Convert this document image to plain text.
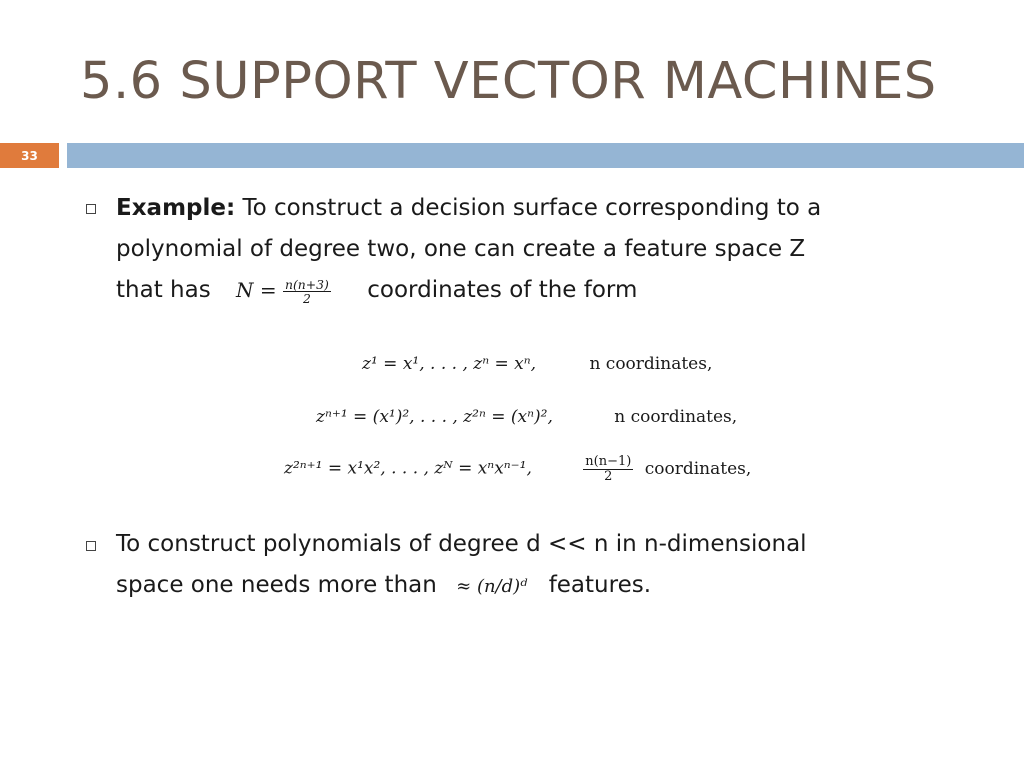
5.6 SUPPORT VECTOR MACHINES
33
Example: To construct a decision surface corresponding to a
polynomial of degree two, one can create a feature space Z
that has $N = \frac{n(n+3)}{2}$ coordinates of the form
z¹ = x¹, . . . , zⁿ = xⁿ,	n coordinates,
zⁿ⁺¹ = (x¹)², . . . , z²ⁿ = (xⁿ)²,	n coordinates,
z²ⁿ⁺¹ = x¹x², . . . , zᴺ = xⁿxⁿ⁻¹,	$\frac{n(n-1)}{2}$ coordinates,
To construct polynomials of degree d << n in n-dimensional
space one needs more than ≈ (n/d)ᵈ features.
